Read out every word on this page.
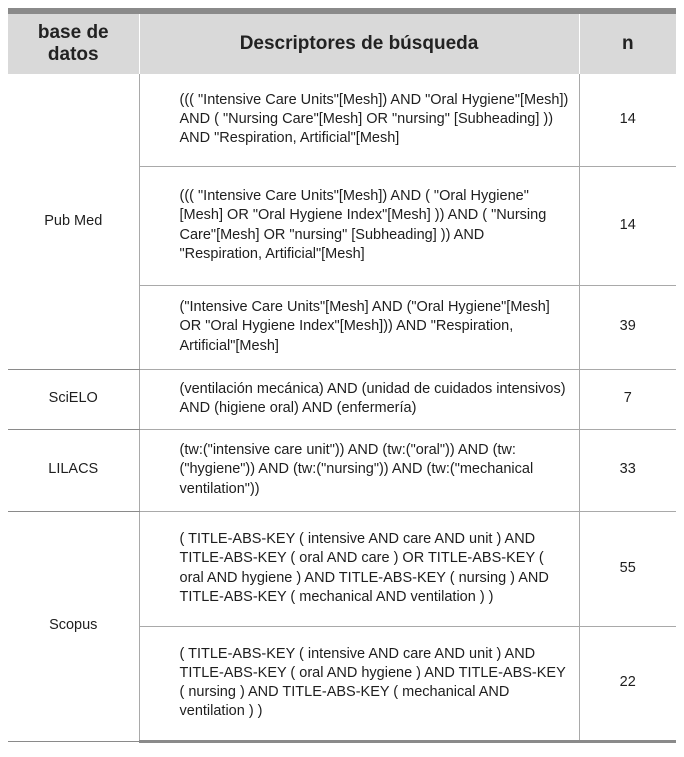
base de datos	Descriptores de búsqueda	n
Pub Med	((( "Intensive Care Units"[Mesh]) AND "Oral Hygiene"[Mesh]) AND ( "Nursing Care"[Mesh] OR "nursing" [Subheading] )) AND "Respiration, Artificial"[Mesh]	14
	((( "Intensive Care Units"[Mesh]) AND ( "Oral Hygiene"[Mesh] OR "Oral Hygiene Index"[Mesh] )) AND ( "Nursing Care"[Mesh] OR "nursing" [Subheading] )) AND "Respiration, Artificial"[Mesh]	14
	("Intensive Care Units"[Mesh] AND ("Oral Hygiene"[Mesh] OR "Oral Hygiene Index"[Mesh])) AND "Respiration, Artificial"[Mesh]	39
SciELO	(ventilación mecánica) AND (unidad de cuidados intensivos) AND (higiene oral) AND (enfermería)	7
LILACS	(tw:("intensive care unit")) AND (tw:("oral")) AND (tw:("hygiene")) AND (tw:("nursing")) AND (tw:("mechanical ventilation"))	33
Scopus	( TITLE-ABS-KEY ( intensive AND care AND unit ) AND TITLE-ABS-KEY ( oral AND care ) OR TITLE-ABS-KEY ( oral AND hygiene ) AND TITLE-ABS-KEY ( nursing ) AND TITLE-ABS-KEY ( mechanical AND ventilation ) )	55
	( TITLE-ABS-KEY ( intensive AND care AND unit ) AND TITLE-ABS-KEY ( oral AND hygiene ) AND TITLE-ABS-KEY ( nursing ) AND TITLE-ABS-KEY ( mechanical AND ventilation ) )	22
